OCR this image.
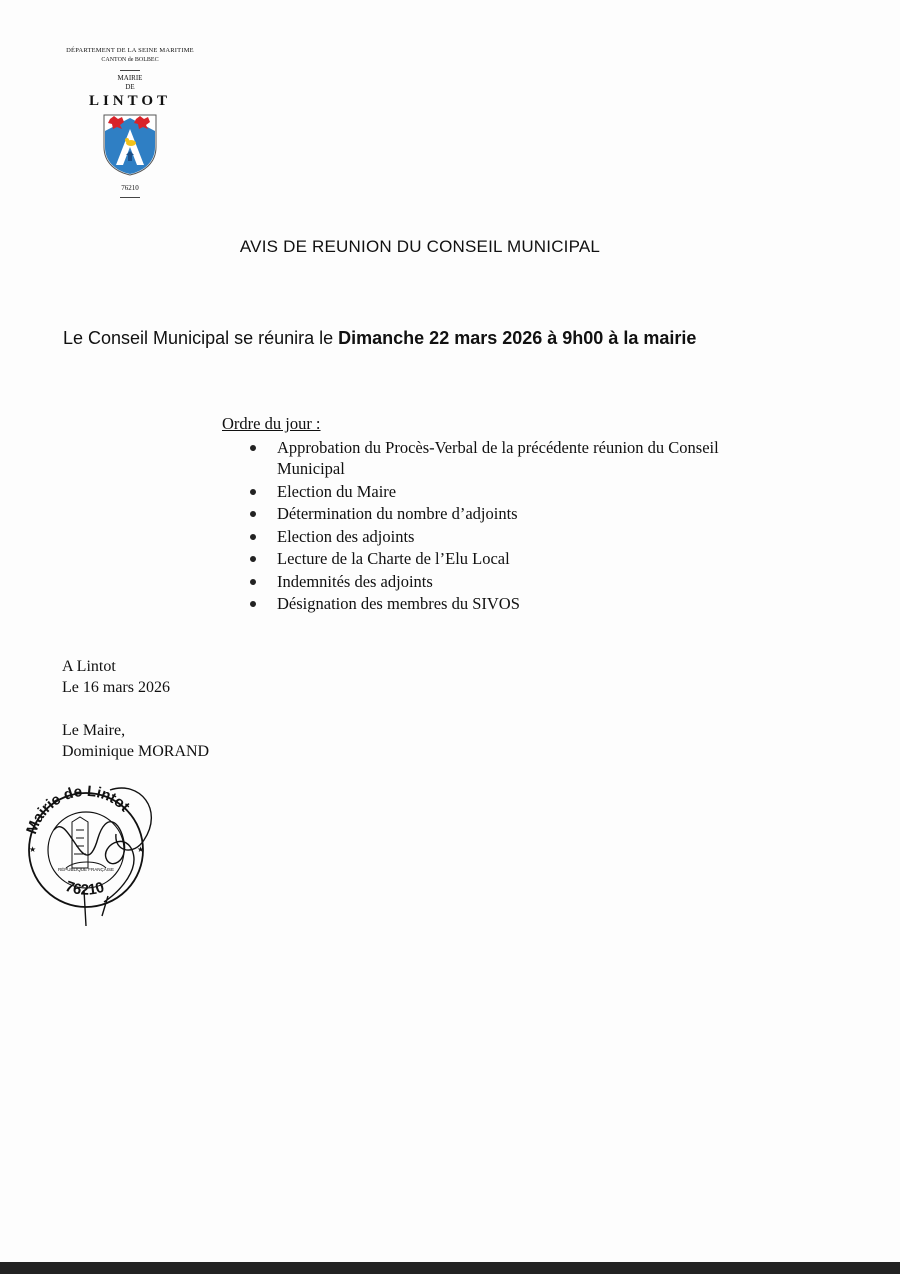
DÉPARTEMENT DE LA SEINE MARITIME
CANTON de BOLBEC
MAIRIE
DE
LINTOT
76210
AVIS DE REUNION DU CONSEIL MUNICIPAL
Le Conseil Municipal se réunira le Dimanche 22 mars 2026 à 9h00 à la mairie
Ordre du jour :
Approbation du Procès-Verbal de la précédente réunion du Conseil Municipal
Election du Maire
Détermination du nombre d’adjoints
Election des adjoints
Lecture de la Charte de l’Elu Local
Indemnités des adjoints
Désignation des membres du SIVOS
A Lintot
Le 16 mars 2026
Le Maire,
Dominique MORAND
Mairie de Lintot
76210
★	★
RÉPUBLIQUE FRANÇAISE
